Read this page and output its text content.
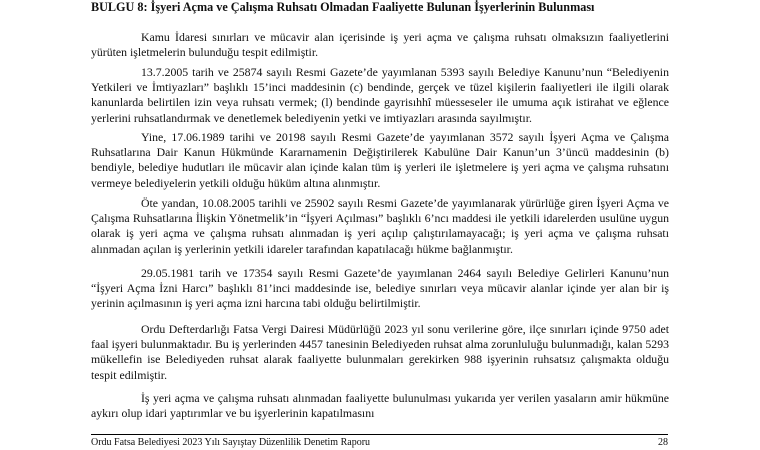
BULGU 8: İşyeri Açma ve Çalışma Ruhsatı Olmadan Faaliyette Bulunan İşyerlerinin Bulunması

Kamu İdaresi sınırları ve mücavir alan içerisinde iş yeri açma ve çalışma ruhsatı olmaksızın faaliyetlerini yürüten işletmelerin bulunduğu tespit edilmiştir.

13.7.2005 tarih ve 25874 sayılı Resmi Gazete’de yayımlanan 5393 sayılı Belediye Kanunu’nun “Belediyenin Yetkileri ve İmtiyazları” başlıklı 15’inci maddesinin (c) bendinde, gerçek ve tüzel kişilerin faaliyetleri ile ilgili olarak kanunlarda belirtilen izin veya ruhsatı vermek; (l) bendinde gayrisıhhî müesseseler ile umuma açık istirahat ve eğlence yerlerini ruhsatlandırmak ve denetlemek belediyenin yetki ve imtiyazları arasında sayılmıştır.

Yine, 17.06.1989 tarihi ve 20198 sayılı Resmi Gazete’de yayımlanan 3572 sayılı İşyeri Açma ve Çalışma Ruhsatlarına Dair Kanun Hükmünde Kararnamenin Değiştirilerek Kabulüne Dair Kanun’un 3’üncü maddesinin (b) bendiyle, belediye hudutları ile mücavir alan içinde kalan tüm iş yerleri ile işletmelere iş yeri açma ve çalışma ruhsatını vermeye belediyelerin yetkili olduğu hüküm altına alınmıştır.

Öte yandan, 10.08.2005 tarihli ve 25902 sayılı Resmi Gazete’de yayımlanarak yürürlüğe giren İşyeri Açma ve Çalışma Ruhsatlarına İlişkin Yönetmelik’in “İşyeri Açılması” başlıklı 6’ncı maddesi ile yetkili idarelerden usulüne uygun olarak iş yeri açma ve çalışma ruhsatı alınmadan iş yeri açılıp çalıştırılamayacağı; iş yeri açma ve çalışma ruhsatı alınmadan açılan iş yerlerinin yetkili idareler tarafından kapatılacağı hükme bağlanmıştır.

29.05.1981 tarih ve 17354 sayılı Resmi Gazete’de yayımlanan 2464 sayılı Belediye Gelirleri Kanunu’nun “İşyeri Açma İzni Harcı” başlıklı 81’inci maddesinde ise, belediye sınırları veya mücavir alanlar içinde yer alan bir iş yerinin açılmasının iş yeri açma izni harcına tabi olduğu belirtilmiştir.

Ordu Defterdarlığı Fatsa Vergi Dairesi Müdürlüğü 2023 yıl sonu verilerine göre, ilçe sınırları içinde 9750 adet faal işyeri bulunmaktadır. Bu iş yerlerinden 4457 tanesinin Belediyeden ruhsat alma zorunluluğu bulunmadığı, kalan 5293 mükellefin ise Belediyeden ruhsat alarak faaliyette bulunmaları gerekirken 988 işyerinin ruhsatsız çalışmakta olduğu tespit edilmiştir.

İş yeri açma ve çalışma ruhsatı alınmadan faaliyette bulunulması yukarıda yer verilen yasaların amir hükmüne aykırı olup idari yaptırımlar ve bu işyerlerinin kapatılmasını

Ordu Fatsa Belediyesi 2023 Yılı Sayıştay Düzenlilik Denetim Raporu	28
